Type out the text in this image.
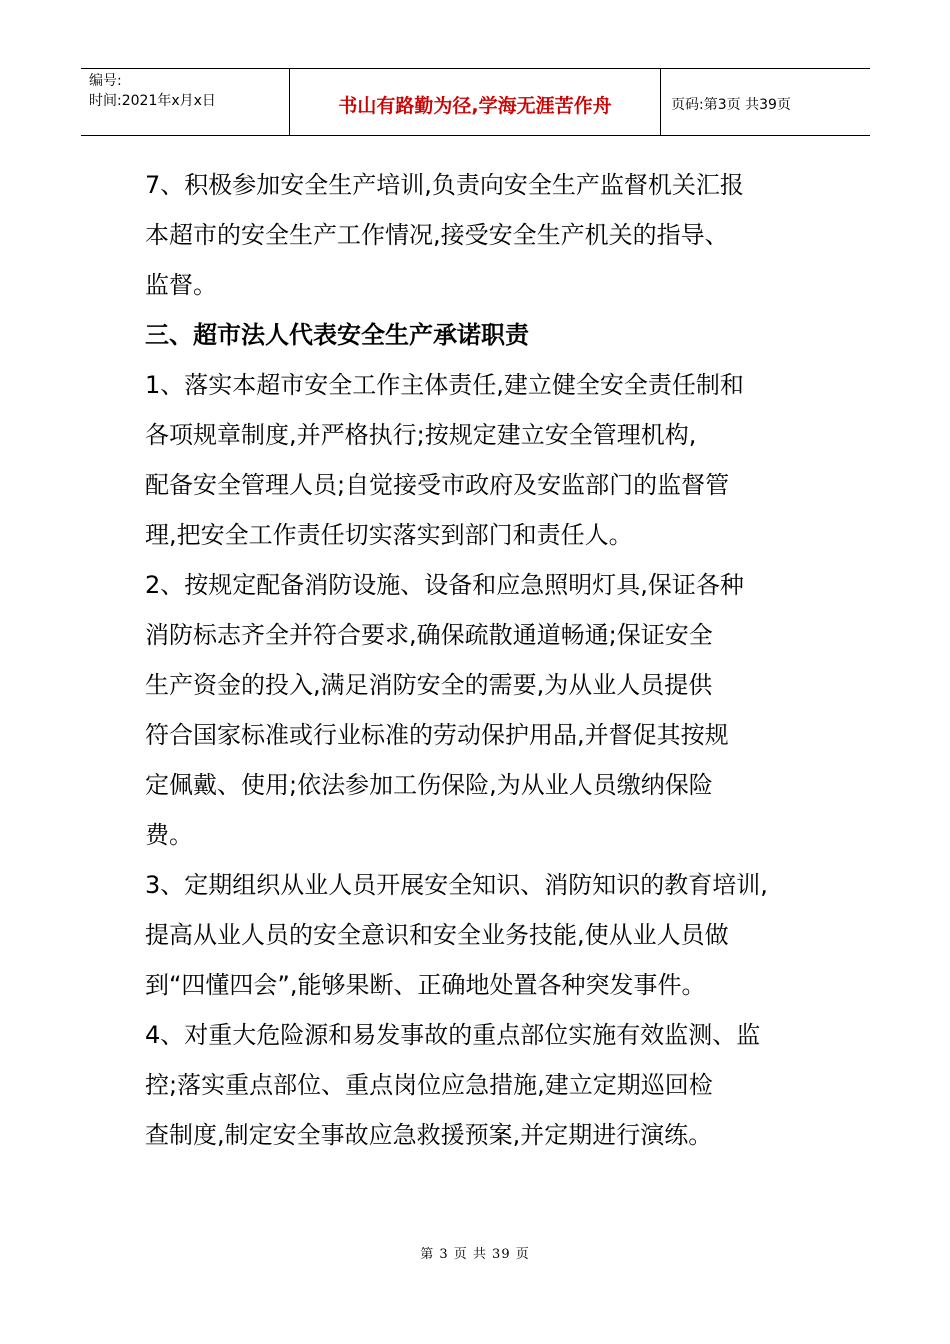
编号:
时间:2021年x月x日	书山有路勤为径,学海无涯苦作舟	页码:第3页 共39页

7、积极参加安全生产培训,负责向安全生产监督机关汇报

本超市的安全生产工作情况,接受安全生产机关的指导、

监督。

三、超市法人代表安全生产承诺职责

1、落实本超市安全工作主体责任,建立健全安全责任制和

各项规章制度,并严格执行;按规定建立安全管理机构,

配备安全管理人员;自觉接受市政府及安监部门的监督管

理,把安全工作责任切实落实到部门和责任人。

2、按规定配备消防设施、设备和应急照明灯具,保证各种

消防标志齐全并符合要求,确保疏散通道畅通;保证安全

生产资金的投入,满足消防安全的需要,为从业人员提供

符合国家标准或行业标准的劳动保护用品,并督促其按规

定佩戴、使用;依法参加工伤保险,为从业人员缴纳保险

费。

3、定期组织从业人员开展安全知识、消防知识的教育培训,

提高从业人员的安全意识和安全业务技能,使从业人员做

到“四懂四会”,能够果断、正确地处置各种突发事件。

4、对重大危险源和易发事故的重点部位实施有效监测、监

控;落实重点部位、重点岗位应急措施,建立定期巡回检

查制度,制定安全事故应急救援预案,并定期进行演练。

第 3 页 共 39 页
